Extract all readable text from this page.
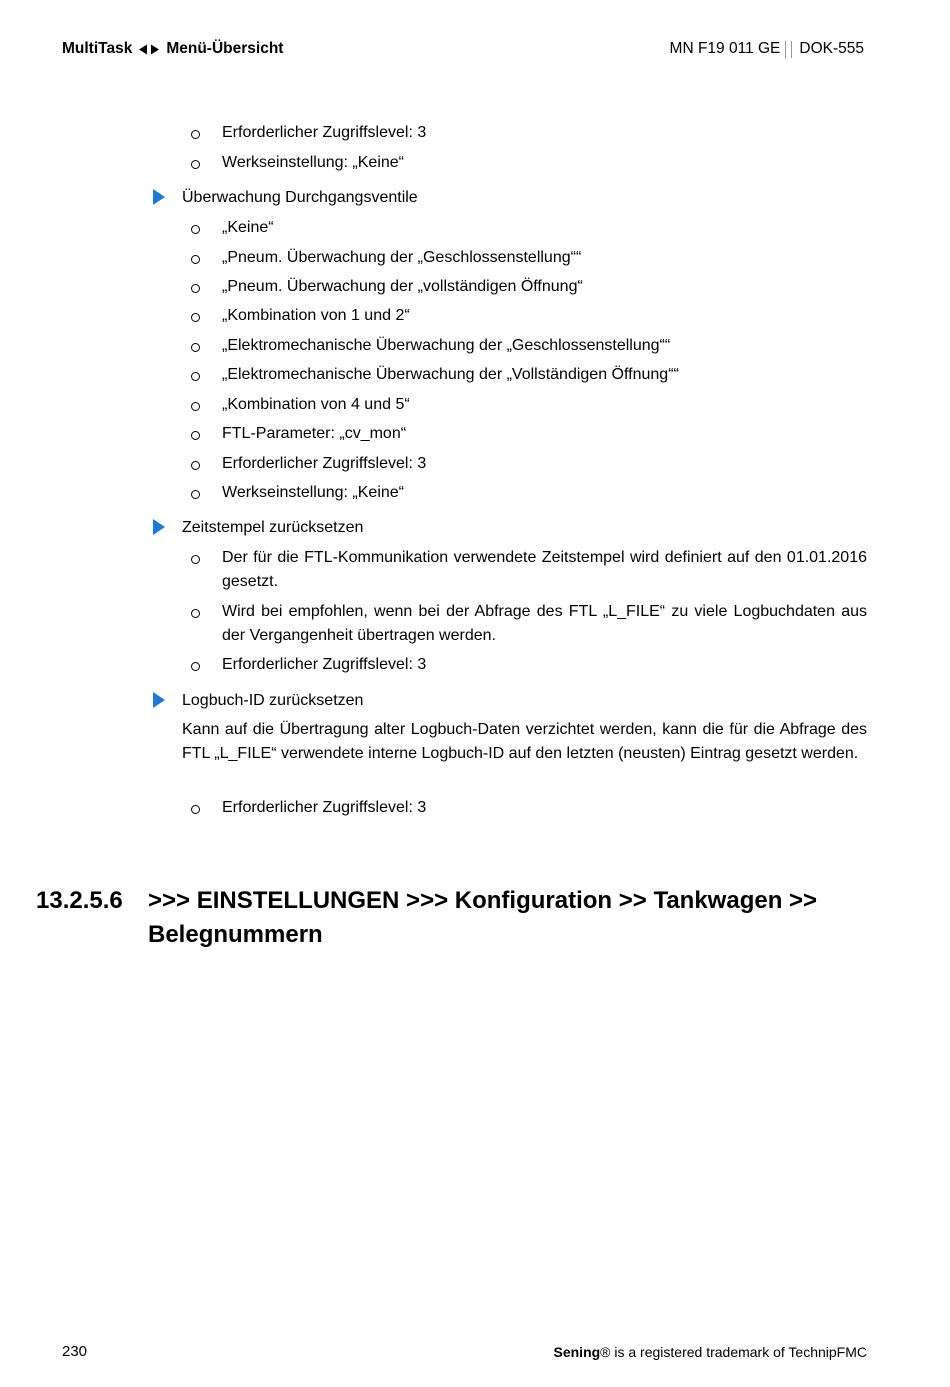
MultiTask Menü-Übersicht	MN F19 011 GE DOK-555
Erforderlicher Zugriffslevel: 3
Werkseinstellung: „Keine“
Überwachung Durchgangsventile
„Keine“
„Pneum. Überwachung der „Geschlossenstellung““
„Pneum. Überwachung der „vollständigen Öffnung“
„Kombination von 1 und 2“
„Elektromechanische Überwachung der „Geschlossenstellung““
„Elektromechanische Überwachung der „Vollständigen Öffnung““
„Kombination von 4 und 5“
FTL-Parameter: „cv_mon“
Erforderlicher Zugriffslevel: 3
Werkseinstellung: „Keine“
Zeitstempel zurücksetzen
Der für die FTL-Kommunikation verwendete Zeitstempel wird definiert auf den 01.01.2016 gesetzt.
Wird bei empfohlen, wenn bei der Abfrage des FTL „L_FILE“ zu viele Logbuchdaten aus der Vergangenheit übertragen werden.
Erforderlicher Zugriffslevel: 3
Logbuch-ID zurücksetzen
Kann auf die Übertragung alter Logbuch-Daten verzichtet werden, kann die für die Abfrage des FTL „L_FILE“ verwendete interne Logbuch-ID auf den letzten (neusten) Eintrag gesetzt werden.
Erforderlicher Zugriffslevel: 3
13.2.5.6 >>> EINSTELLUNGEN >>> Konfiguration >> Tankwagen >> Belegnummern
230	Sening® is a registered trademark of TechnipFMC
